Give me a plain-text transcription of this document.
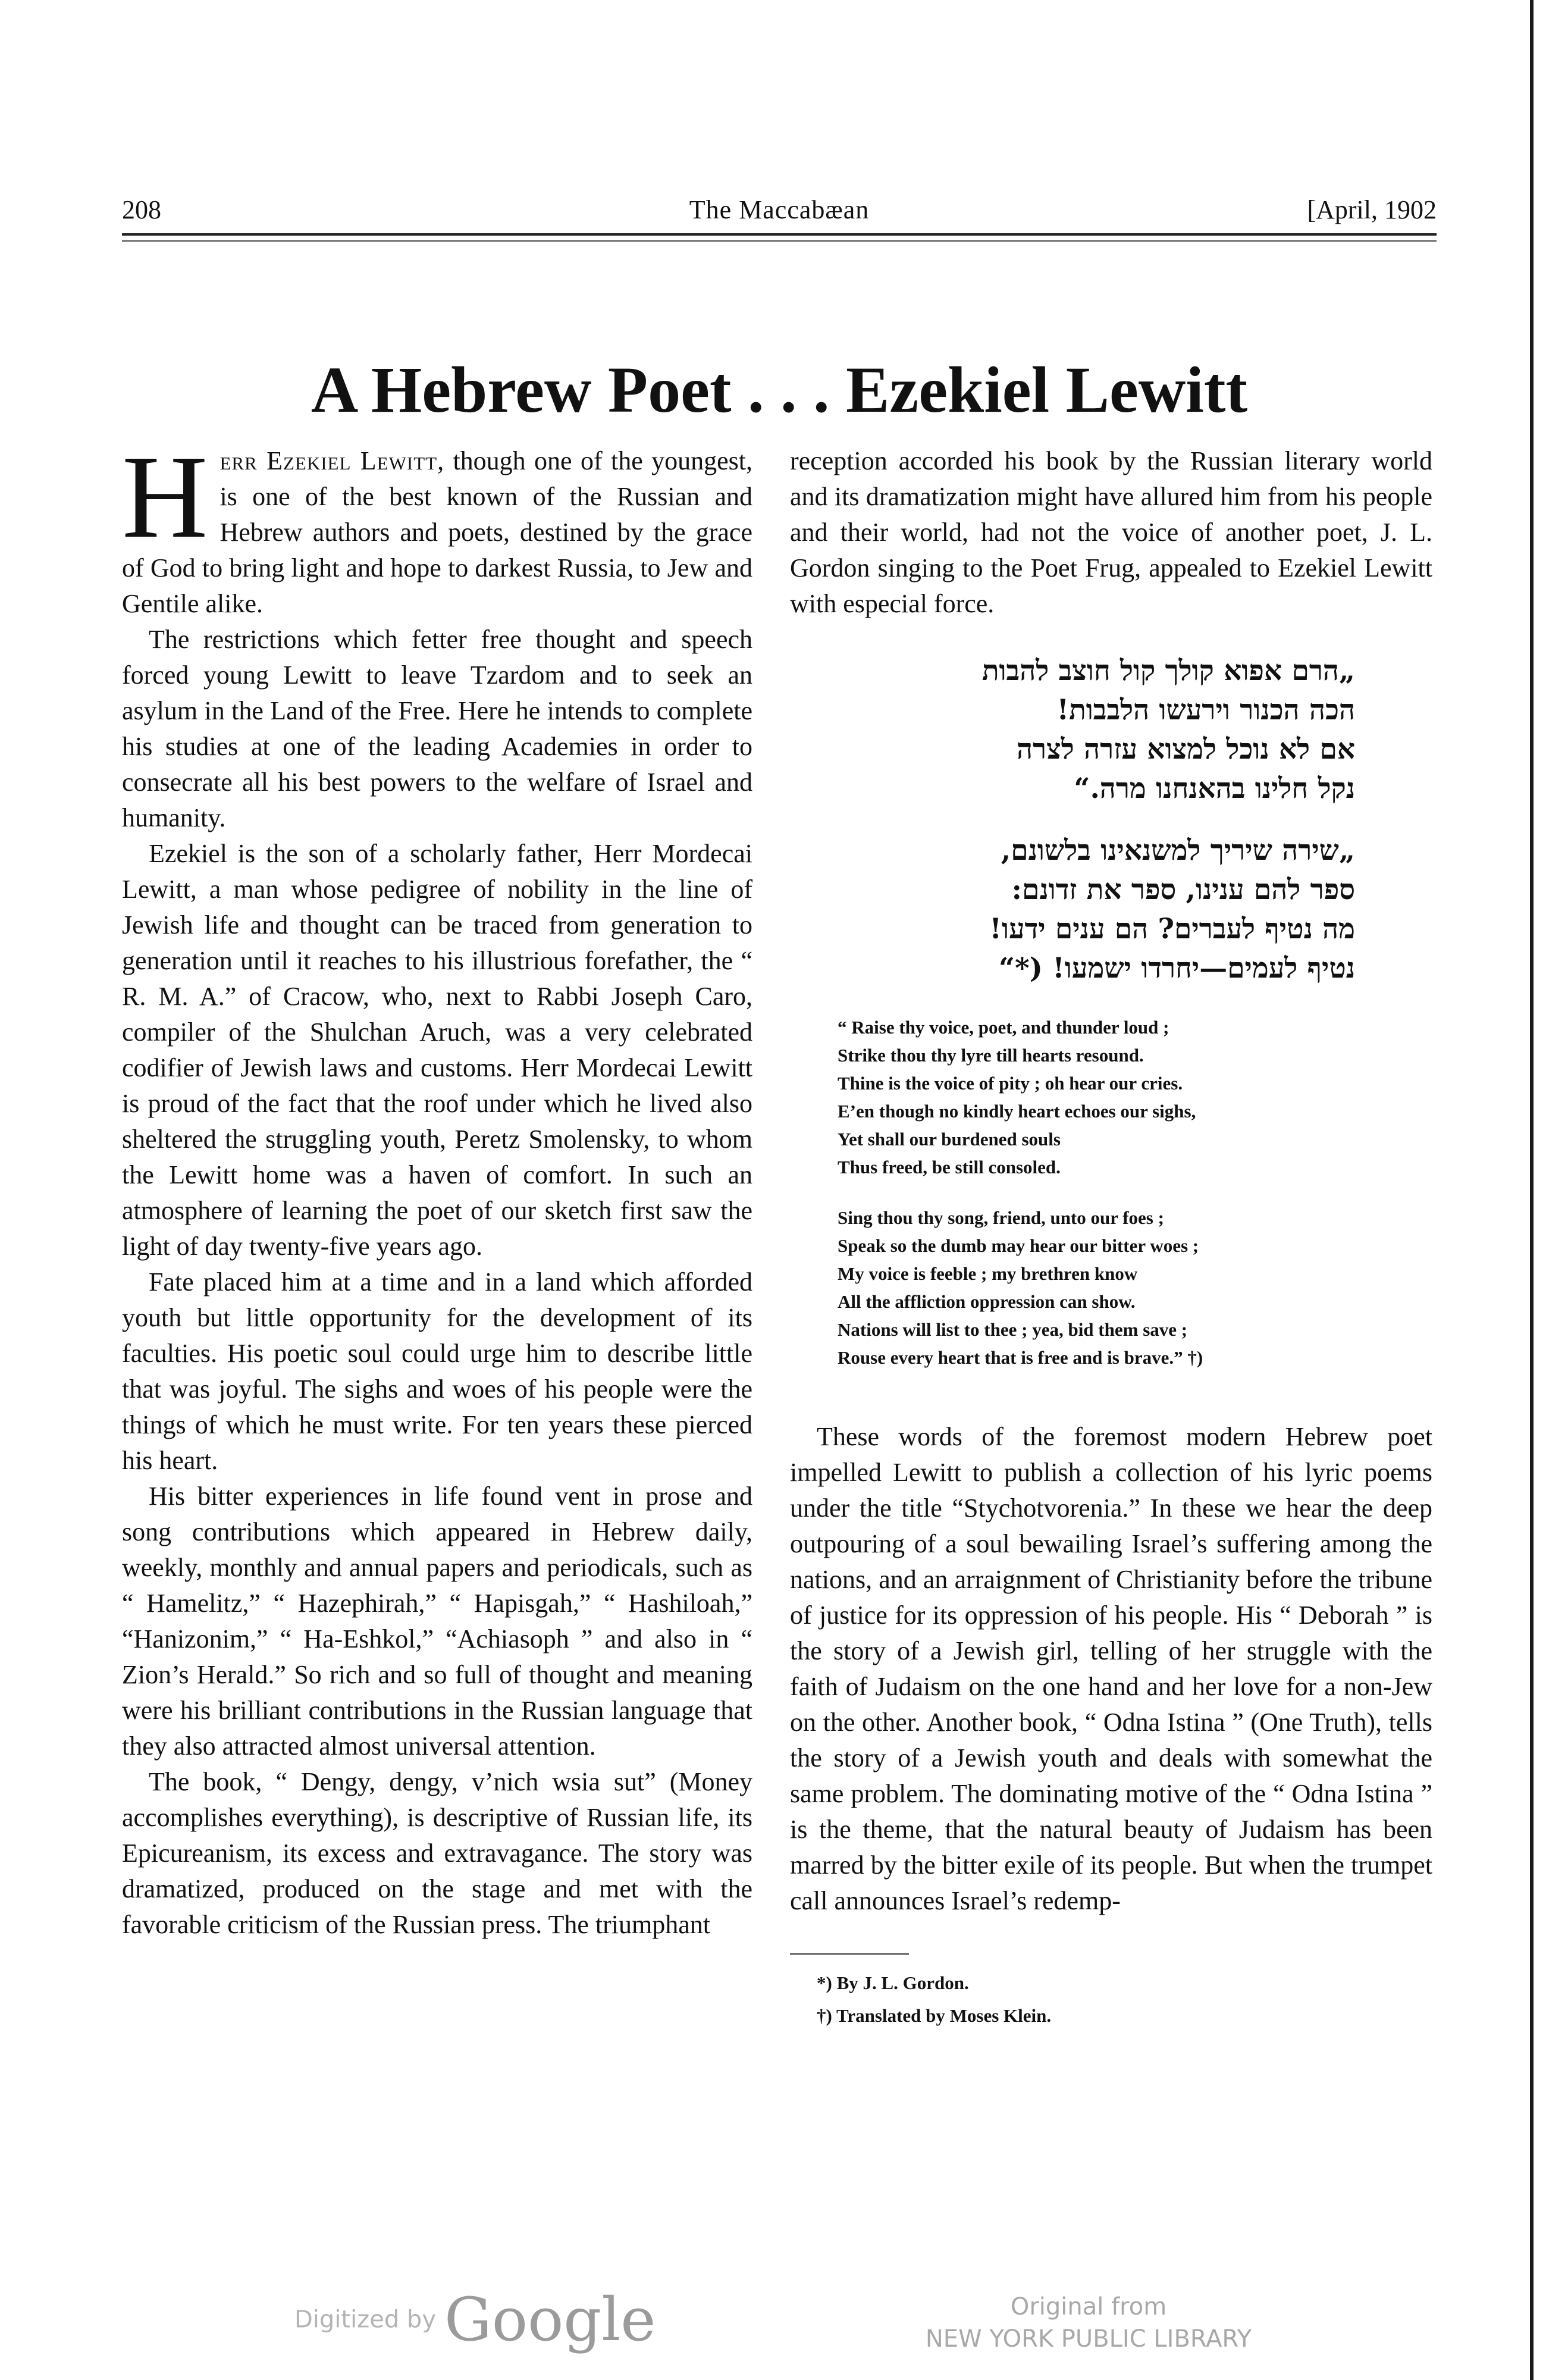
208	The Maccabæan	[April, 1902
A Hebrew Poet . . . Ezekiel Lewitt

Herr Ezekiel Lewitt, though one of the youngest, is one of the best known of the Russian and Hebrew authors and poets, destined by the grace of God to bring light and hope to darkest Russia, to Jew and Gentile alike.

The restrictions which fetter free thought and speech forced young Lewitt to leave Tzardom and to seek an asylum in the Land of the Free. Here he intends to complete his studies at one of the leading Academies in order to consecrate all his best powers to the welfare of Israel and humanity.

Ezekiel is the son of a scholarly father, Herr Mordecai Lewitt, a man whose pedigree of nobility in the line of Jewish life and thought can be traced from generation to generation until it reaches to his illustrious forefather, the “ R. M. A.” of Cracow, who, next to Rabbi Joseph Caro, compiler of the Shulchan Aruch, was a very celebrated codifier of Jewish laws and customs. Herr Mordecai Lewitt is proud of the fact that the roof under which he lived also sheltered the struggling youth, Peretz Smolensky, to whom the Lewitt home was a haven of comfort. In such an atmosphere of learning the poet of our sketch first saw the light of day twenty-five years ago.

Fate placed him at a time and in a land which afforded youth but little opportunity for the development of its faculties. His poetic soul could urge him to describe little that was joyful. The sighs and woes of his people were the things of which he must write. For ten years these pierced his heart.

His bitter experiences in life found vent in prose and song contributions which appeared in Hebrew daily, weekly, monthly and annual papers and periodicals, such as “ Hamelitz,” “ Hazephirah,” “ Hapisgah,” “ Hashiloah,” “Hanizonim,” “ Ha-Eshkol,” “Achiasoph ” and also in “ Zion’s Herald.” So rich and so full of thought and meaning were his brilliant contributions in the Russian language that they also attracted almost universal attention.

The book, “ Dengy, dengy, v’nich wsia sut” (Money accomplishes everything), is descriptive of Russian life, its Epicureanism, its excess and extravagance. The story was dramatized, produced on the stage and met with the favorable criticism of the Russian press. The triumphant

reception accorded his book by the Russian literary world and its dramatization might have allured him from his people and their world, had not the voice of another poet, J. L. Gordon singing to the Poet Frug, appealed to Ezekiel Lewitt with especial force.

„הרם אפוא קולך קול חוצב להבות
הכה הכנור וירעשו הלבבות!
אם לא נוכל למצוא עזרה לצרה
נקל חלינו בהאנחנו מרה.“
„שירה שיריך למשנאינו בלשונם,
ספר להם ענינו, ספר את זדונם:
מה נטיף לעברים? הם ענים ידעו!
נטיף לעמים—יחרדו ישמעו! (*“
“ Raise thy voice, poet, and thunder loud ;
Strike thou thy lyre till hearts resound.
Thine is the voice of pity ; oh hear our cries.
E’en though no kindly heart echoes our sighs,
Yet shall our burdened souls
Thus freed, be still consoled.
Sing thou thy song, friend, unto our foes ;
Speak so the dumb may hear our bitter woes ;
My voice is feeble ; my brethren know
All the affliction oppression can show.
Nations will list to thee ; yea, bid them save ;
Rouse every heart that is free and is brave.” †)

These words of the foremost modern Hebrew poet impelled Lewitt to publish a collection of his lyric poems under the title “Stychotvorenia.” In these we hear the deep outpouring of a soul bewailing Israel’s suffering among the nations, and an arraignment of Christianity before the tribune of justice for its oppression of his people. His “ Deborah ” is the story of a Jewish girl, telling of her struggle with the faith of Judaism on the one hand and her love for a non-Jew on the other. Another book, “ Odna Istina ” (One Truth), tells the story of a Jewish youth and deals with somewhat the same problem. The dominating motive of the “ Odna Istina ” is the theme, that the natural beauty of Judaism has been marred by the bitter exile of its people. But when the trumpet call announces Israel’s redemp-

*) By J. L. Gordon.
†) Translated by Moses Klein.
Digitized by Google	Original from
NEW YORK PUBLIC LIBRARY
